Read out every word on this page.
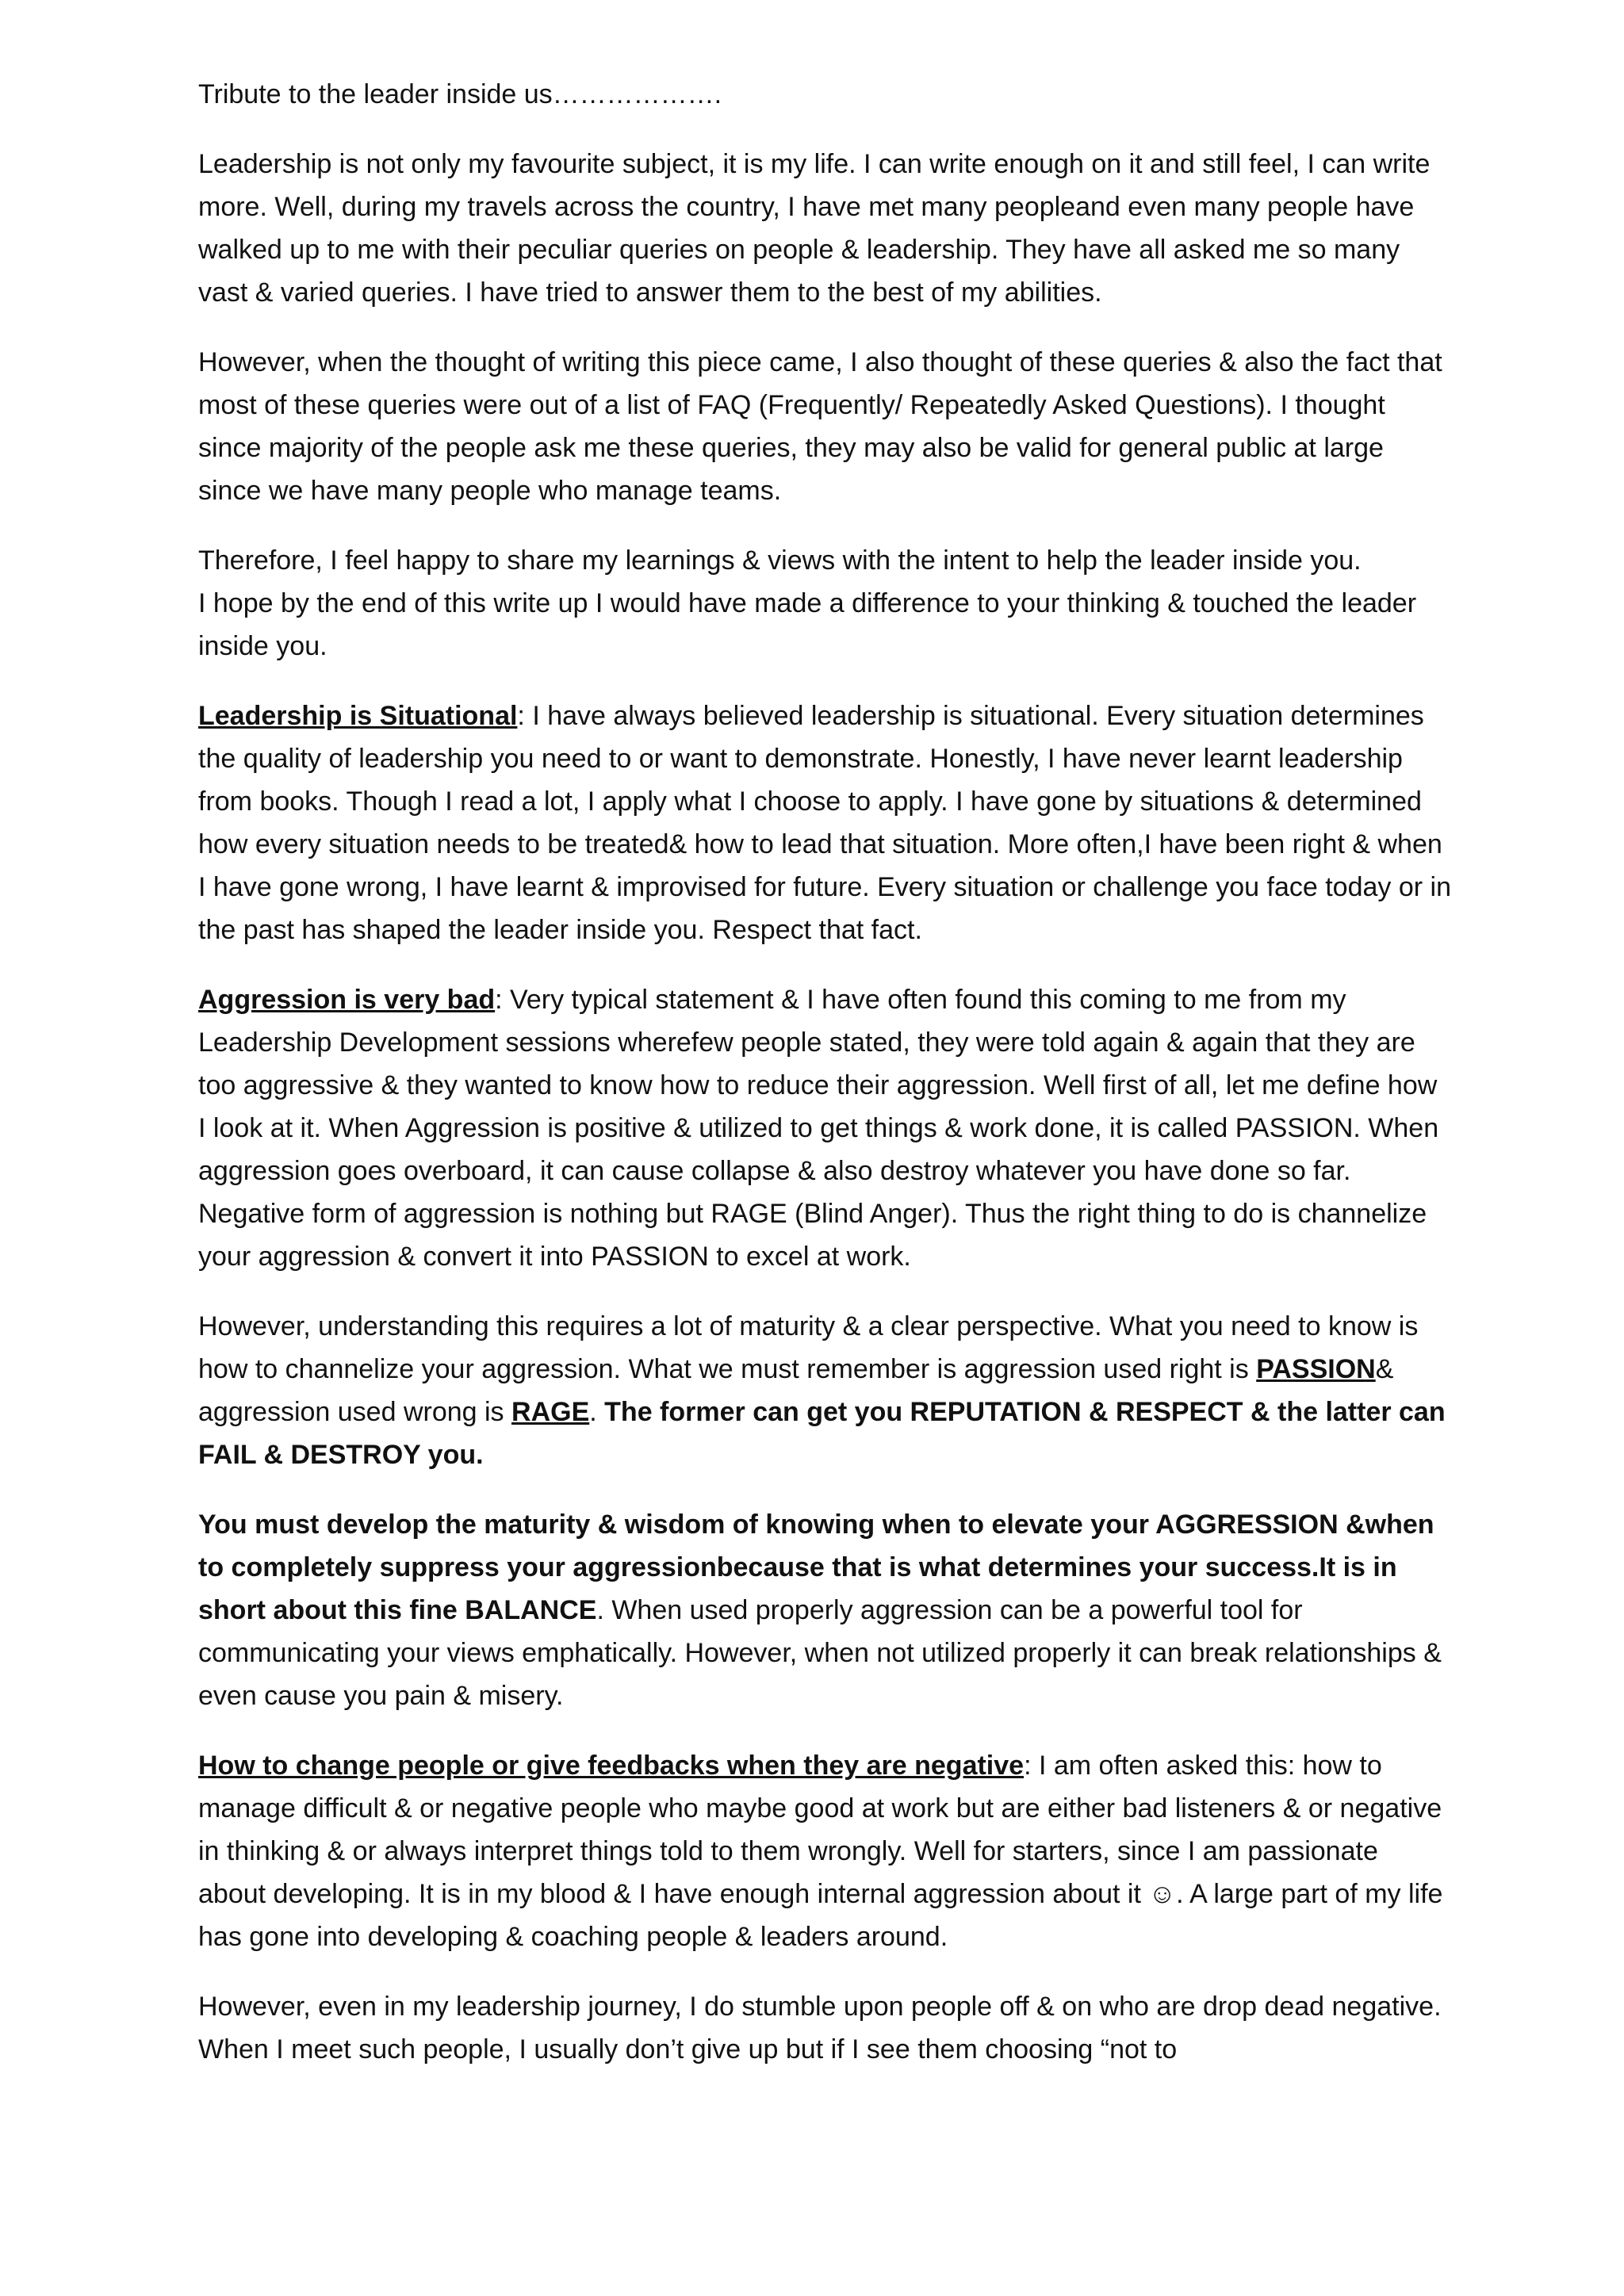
Tribute to the leader inside us……………….

Leadership is not only my favourite subject, it is my life. I can write enough on it and still feel, I can write more. Well, during my travels across the country, I have met many peopleand even many people have walked up to me with their peculiar queries on people & leadership. They have all asked me so many vast & varied queries. I have tried to answer them to the best of my abilities.

However, when the thought of writing this piece came, I also thought of these queries & also the fact that most of these queries were out of a list of FAQ (Frequently/ Repeatedly Asked Questions). I thought since majority of the people ask me these queries, they may also be valid for general public at large since we have many people who manage teams.

Therefore, I feel happy to share my learnings & views with the intent to help the leader inside you.
I hope by the end of this write up I would have made a difference to your thinking & touched the leader inside you.

Leadership is Situational: I have always believed leadership is situational. Every situation determines the quality of leadership you need to or want to demonstrate. Honestly, I have never learnt leadership from books. Though I read a lot, I apply what I choose to apply. I have gone by situations & determined how every situation needs to be treated& how to lead that situation. More often,I have been right & when I have gone wrong, I have learnt & improvised for future. Every situation or challenge you face today or in the past has shaped the leader inside you. Respect that fact.

Aggression is very bad: Very typical statement & I have often found this coming to me from my Leadership Development sessions wherefew people stated, they were told again & again that they are too aggressive & they wanted to know how to reduce their aggression. Well first of all, let me define how I look at it. When Aggression is positive & utilized to get things & work done, it is called PASSION. When aggression goes overboard, it can cause collapse & also destroy whatever you have done so far. Negative form of aggression is nothing but RAGE (Blind Anger). Thus the right thing to do is channelize your aggression & convert it into PASSION to excel at work.

However, understanding this requires a lot of maturity & a clear perspective. What you need to know is how to channelize your aggression. What we must remember is aggression used right is PASSION& aggression used wrong is RAGE. The former can get you REPUTATION & RESPECT & the latter can FAIL & DESTROY you.

You must develop the maturity & wisdom of knowing when to elevate your AGGRESSION &when to completely suppress your aggressionbecause that is what determines your success.It is in short about this fine BALANCE. When used properly aggression can be a powerful tool for communicating your views emphatically. However, when not utilized properly it can break relationships & even cause you pain & misery.

How to change people or give feedbacks when they are negative: I am often asked this: how to manage difficult & or negative people who maybe good at work but are either bad listeners & or negative in thinking & or always interpret things told to them wrongly. Well for starters, since I am passionate about developing. It is in my blood & I have enough internal aggression about it ☺. A large part of my life has gone into developing & coaching people & leaders around.

However, even in my leadership journey, I do stumble upon people off & on who are drop dead negative. When I meet such people, I usually don’t give up but if I see them choosing “not to
